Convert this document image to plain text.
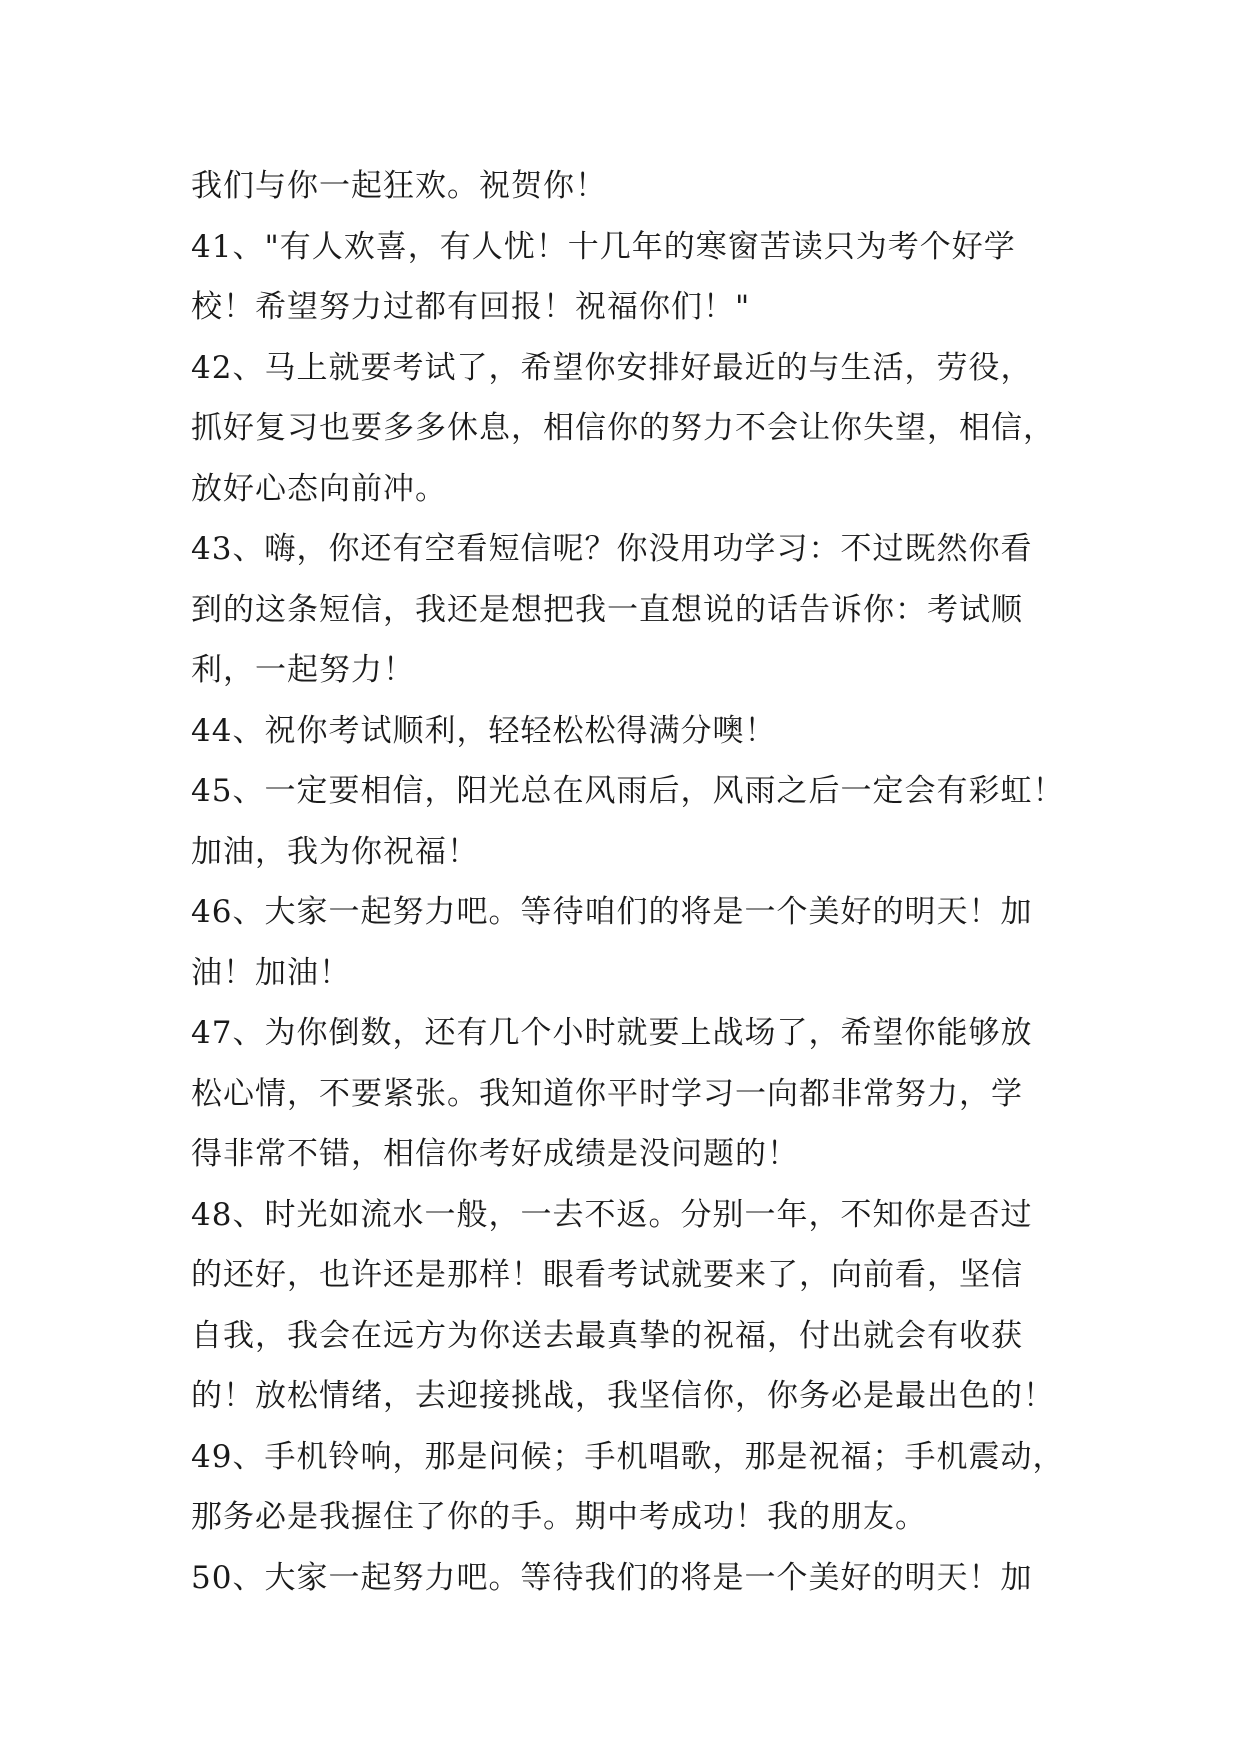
我们与你一起狂欢。祝贺你！
41、"有人欢喜，有人忧！十几年的寒窗苦读只为考个好学
校！希望努力过都有回报！祝福你们！"
42、马上就要考试了，希望你安排好最近的与生活，劳役，
抓好复习也要多多休息，相信你的努力不会让你失望，相信，
放好心态向前冲。
43、嗨，你还有空看短信呢？你没用功学习：不过既然你看
到的这条短信，我还是想把我一直想说的话告诉你：考试顺
利，一起努力！
44、祝你考试顺利，轻轻松松得满分噢！
45、一定要相信，阳光总在风雨后，风雨之后一定会有彩虹！
加油，我为你祝福！
46、大家一起努力吧。等待咱们的将是一个美好的明天！加
油！加油！
47、为你倒数，还有几个小时就要上战场了，希望你能够放
松心情，不要紧张。我知道你平时学习一向都非常努力，学
得非常不错，相信你考好成绩是没问题的！
48、时光如流水一般，一去不返。分别一年，不知你是否过
的还好，也许还是那样！眼看考试就要来了，向前看，坚信
自我，我会在远方为你送去最真挚的祝福，付出就会有收获
的！放松情绪，去迎接挑战，我坚信你，你务必是最出色的！
49、手机铃响，那是问候；手机唱歌，那是祝福；手机震动，
那务必是我握住了你的手。期中考成功！我的朋友。
50、大家一起努力吧。等待我们的将是一个美好的明天！加
